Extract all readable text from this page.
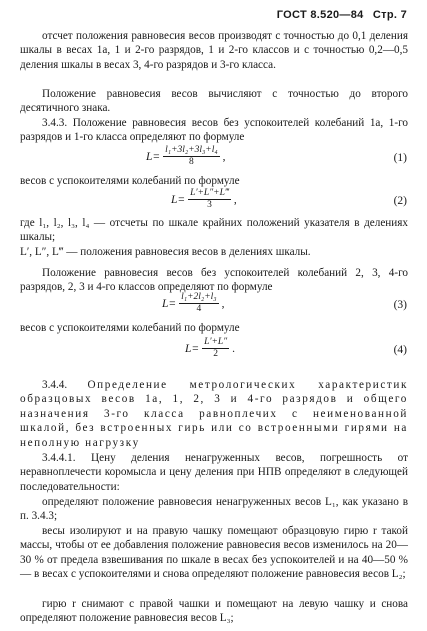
ГОСТ 8.520—84 Стр. 7
отсчет положения равновесия весов производят с точностью до 0,1 деления шкалы в весах 1а, 1 и 2-го разрядов, 1 и 2-го классов и с точностью 0,2—0,5 деления шкалы в весах 3, 4-го разрядов и 3-го класса.
Положение равновесия весов вычисляют с точностью до второго десятичного знака.
3.4.3. Положение равновесия весов без успокоителей колебаний 1а, 1-го разрядов и 1-го класса определяют по формуле
$L= \frac{\text{l₁+3l₂+3l₃+l₄}}{8}$ ,	(1)
весов с успокоителями колебаний по формуле
$L= \frac{L'+L''+L‴}{3}$ ,	(2)
где l₁, l₂, l₃, l₄ — отсчеты по шкале крайних положений указателя в делениях шкалы;
L′, L″, L‴ — положения равновесия весов в делениях шкалы.
Положение равновесия весов без успокоителей колебаний 2, 3, 4-го разрядов, 2, 3 и 4-го классов определяют по формуле
$L= \frac{\text{l₁+2l₂+l₃}}{4}$ ,	(3)
весов с успокоителями колебаний по формуле
$L= \frac{L'+L''}{2}$ .	(4)
3.4.4. Определение метрологических характеристик образцовых весов 1а, 1, 2, 3 и 4-го разрядов и общего назначения 3-го класса равноплечих с неименованной шкалой, без встроенных гирь или со встроенными гирями на неполную нагрузку
3.4.4.1. Цену деления ненагруженных весов, погрешность от неравноплечести коромысла и цену деления при НПВ определяют в следующей последовательности:
определяют положение равновесия ненагруженных весов L₁, как указано в п. 3.4.3;
весы изолируют и на правую чашку помещают образцовую гирю r такой массы, чтобы от ее добавления положение равновесия весов изменилось на 20—30 % от предела взвешивания по шкале в весах без успокоителей и на 40—50 % — в весах с успокоителями и снова определяют положение равновесия весов L₂;
гирю r снимают с правой чашки и помещают на левую чашку и снова определяют положение равновесия весов L₃;
